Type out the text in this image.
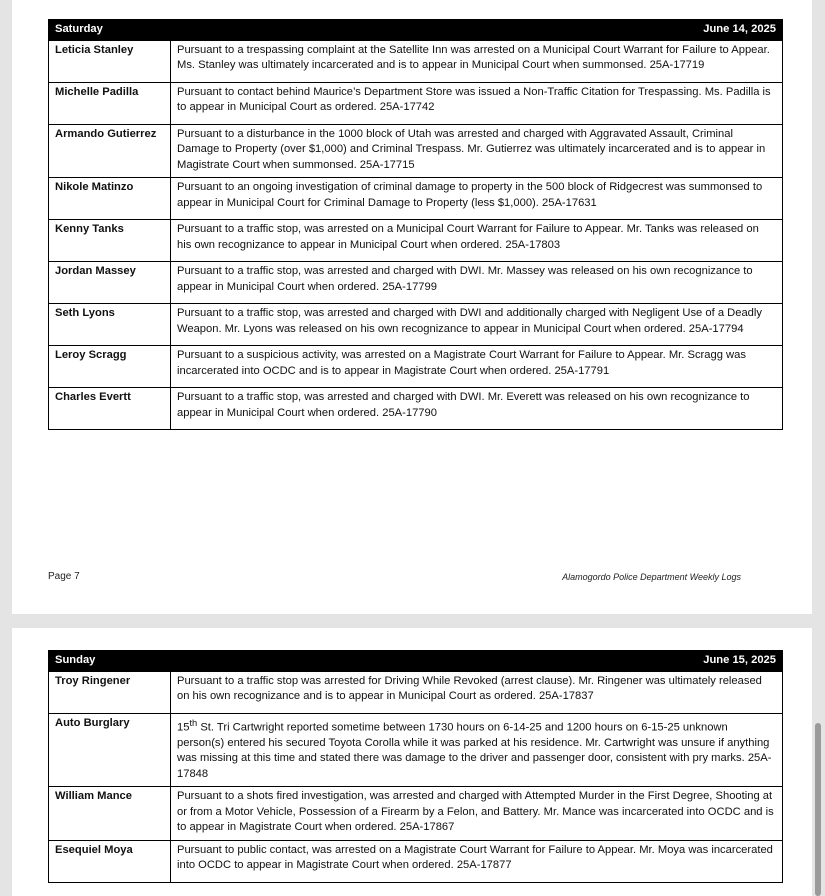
Saturday	June 14, 2025
Leticia Stanley	Pursuant to a trespassing complaint at the Satellite Inn was arrested on a Municipal Court Warrant for Failure to Appear. Ms. Stanley was ultimately incarcerated and is to appear in Municipal Court when summonsed. 25A-17719
Michelle Padilla	Pursuant to contact behind Maurice’s Department Store was issued a Non-Traffic Citation for Trespassing. Ms. Padilla is to appear in Municipal Court as ordered. 25A-17742
Armando Gutierrez	Pursuant to a disturbance in the 1000 block of Utah was arrested and charged with Aggravated Assault, Criminal Damage to Property (over $1,000) and Criminal Trespass. Mr. Gutierrez was ultimately incarcerated and is to appear in Magistrate Court when summonsed. 25A-17715
Nikole Matinzo	Pursuant to an ongoing investigation of criminal damage to property in the 500 block of Ridgecrest was summonsed to appear in Municipal Court for Criminal Damage to Property (less $1,000). 25A-17631
Kenny Tanks	Pursuant to a traffic stop, was arrested on a Municipal Court Warrant for Failure to Appear. Mr. Tanks was released on his own recognizance to appear in Municipal Court when ordered. 25A-17803
Jordan Massey	Pursuant to a traffic stop, was arrested and charged with DWI. Mr. Massey was released on his own recognizance to appear in Municipal Court when ordered. 25A-17799
Seth Lyons	Pursuant to a traffic stop, was arrested and charged with DWI and additionally charged with Negligent Use of a Deadly Weapon. Mr. Lyons was released on his own recognizance to appear in Municipal Court when ordered. 25A-17794
Leroy Scragg	Pursuant to a suspicious activity, was arrested on a Magistrate Court Warrant for Failure to Appear. Mr. Scragg was incarcerated into OCDC and is to appear in Magistrate Court when ordered. 25A-17791
Charles Evertt	Pursuant to a traffic stop, was arrested and charged with DWI. Mr. Everett was released on his own recognizance to appear in Municipal Court when ordered. 25A-17790
Page 7	Alamogordo Police Department Weekly Logs
Sunday	June 15, 2025
Troy Ringener	Pursuant to a traffic stop was arrested for Driving While Revoked (arrest clause). Mr. Ringener was ultimately released on his own recognizance and is to appear in Municipal Court as ordered. 25A-17837
Auto Burglary	15th St. Tri Cartwright reported sometime between 1730 hours on 6-14-25 and 1200 hours on 6-15-25 unknown person(s) entered his secured Toyota Corolla while it was parked at his residence. Mr. Cartwright was unsure if anything was missing at this time and stated there was damage to the driver and passenger door, consistent with pry marks. 25A-17848
William Mance	Pursuant to a shots fired investigation, was arrested and charged with Attempted Murder in the First Degree, Shooting at or from a Motor Vehicle, Possession of a Firearm by a Felon, and Battery. Mr. Mance was incarcerated into OCDC and is to appear in Magistrate Court when ordered. 25A-17867
Esequiel Moya	Pursuant to public contact, was arrested on a Magistrate Court Warrant for Failure to Appear. Mr. Moya was incarcerated into OCDC to appear in Magistrate Court when ordered. 25A-17877
